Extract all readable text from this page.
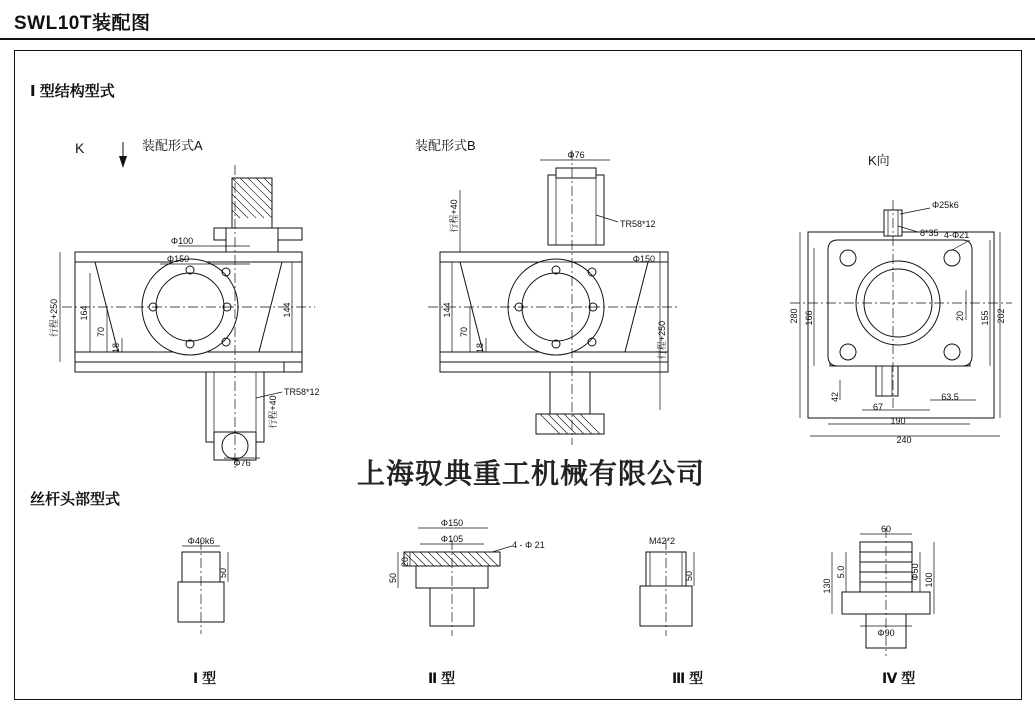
SWL10T装配图
Ⅰ 型结构型式
丝杆头部型式
装配形式A	装配形式B
K向
K
上海驭典重工机械有限公司
Ⅰ 型	Ⅱ 型	Ⅲ 型	Ⅳ 型
行程+250 164
70
18
144
Φ100
Φ150
Φ76
行程+40
TR58*12
Φ76
行程+40	TR58*12
Φ150
144
70
18	行程+250
Φ25k6
8*35 4-Φ21
280 166	202
155
20
42
67
63.5
190
240
Φ40k6
50
Φ150
Φ105
50
20
4 - Φ 21	M42*2
50
60
130
5.0	Φ50 100
Φ90
